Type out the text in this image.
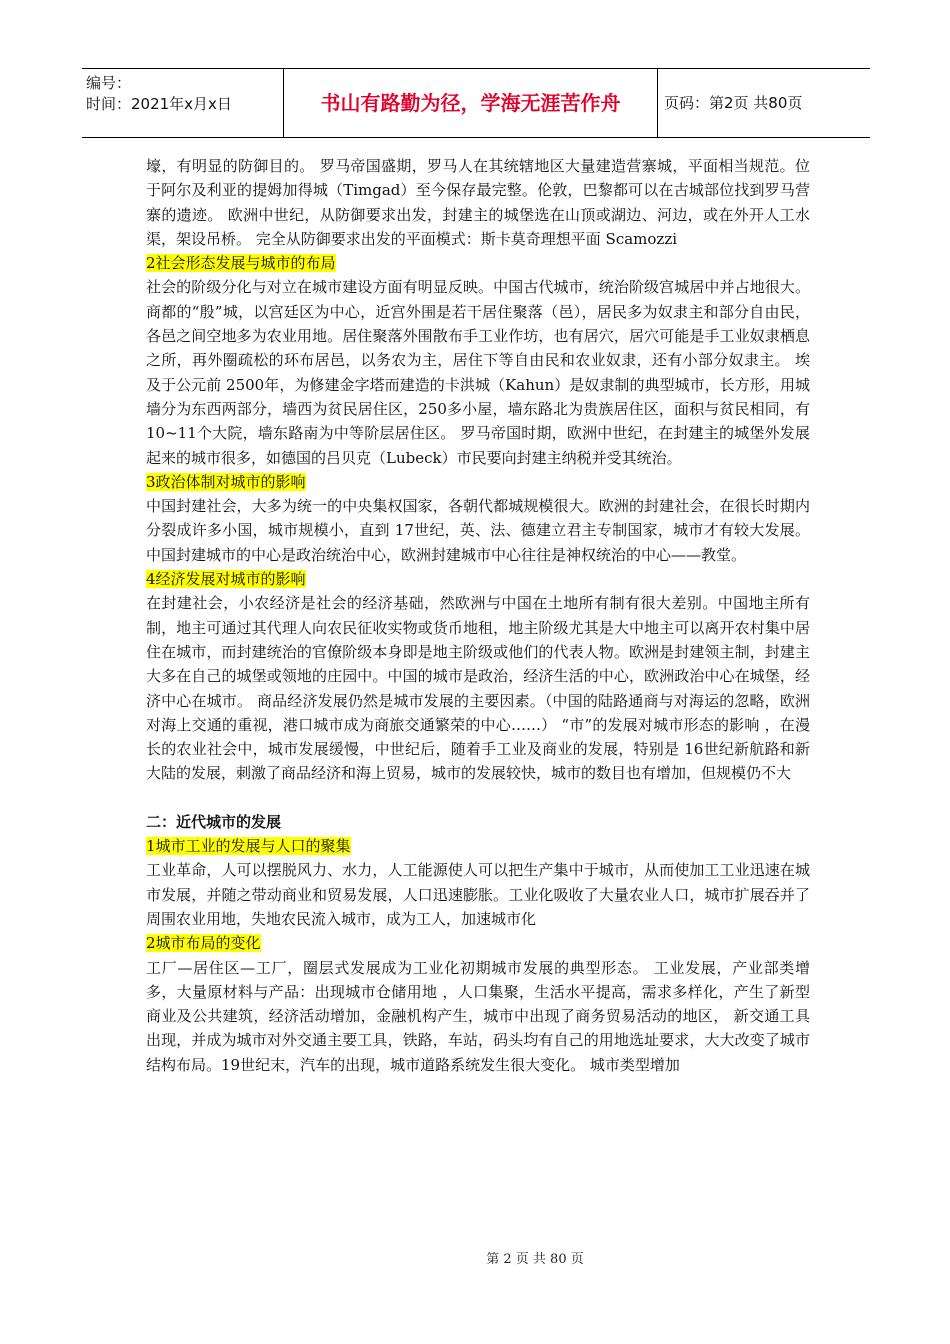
编号：
时间：2021年x月x日	书山有路勤为径，学海无涯苦作舟	页码：第2页 共80页

壕，有明显的防御目的。 罗马帝国盛期，罗马人在其统辖地区大量建造营寨城，平面相当规范。位于阿尔及利亚的提姆加得城（Timgad）至今保存最完整。伦敦，巴黎都可以在古城部位找到罗马营寨的遗迹。 欧洲中世纪，从防御要求出发，封建主的城堡选在山顶或湖边、河边，或在外开人工水渠，架设吊桥。 完全从防御要求出发的平面模式：斯卡莫奇理想平面 Scamozzi

2社会形态发展与城市的布局

社会的阶级分化与对立在城市建设方面有明显反映。中国古代城市，统治阶级宫城居中并占地很大。 商都的“殷”城，以宫廷区为中心，近宫外围是若干居住聚落（邑），居民多为奴隶主和部分自由民，各邑之间空地多为农业用地。居住聚落外围散布手工业作坊，也有居穴，居穴可能是手工业奴隶栖息之所，再外圈疏松的环布居邑，以务农为主，居住下等自由民和农业奴隶，还有小部分奴隶主。 埃及于公元前 2500年，为修建金字塔而建造的卡洪城（Kahun）是奴隶制的典型城市，长方形，用城墙分为东西两部分，墙西为贫民居住区，250多小屋，墙东路北为贵族居住区，面积与贫民相同，有 10~11个大院，墙东路南为中等阶层居住区。 罗马帝国时期，欧洲中世纪，在封建主的城堡外发展起来的城市很多，如德国的吕贝克（Lubeck）市民要向封建主纳税并受其统治。

3政治体制对城市的影响

中国封建社会，大多为统一的中央集权国家，各朝代都城规模很大。欧洲的封建社会，在很长时期内分裂成许多小国，城市规模小，直到 17世纪，英、法、德建立君主专制国家，城市才有较大发展。中国封建城市的中心是政治统治中心，欧洲封建城市中心往往是神权统治的中心——教堂。

4经济发展对城市的影响

在封建社会，小农经济是社会的经济基础，然欧洲与中国在土地所有制有很大差别。中国地主所有制，地主可通过其代理人向农民征收实物或货币地租，地主阶级尤其是大中地主可以离开农村集中居住在城市，而封建统治的官僚阶级本身即是地主阶级或他们的代表人物。欧洲是封建领主制，封建主大多在自己的城堡或领地的庄园中。中国的城市是政治，经济生活的中心，欧洲政治中心在城堡，经济中心在城市。 商品经济发展仍然是城市发展的主要因素。（中国的陆路通商与对海运的忽略，欧洲对海上交通的重视，港口城市成为商旅交通繁荣的中心……） “市”的发展对城市形态的影响 ，在漫长的农业社会中，城市发展缓慢，中世纪后，随着手工业及商业的发展，特别是 16世纪新航路和新大陆的发展，刺激了商品经济和海上贸易，城市的发展较快，城市的数目也有增加，但规模仍不大

二：近代城市的发展

1城市工业的发展与人口的聚集

工业革命，人可以摆脱风力、水力，人工能源使人可以把生产集中于城市，从而使加工工业迅速在城市发展，并随之带动商业和贸易发展，人口迅速膨胀。工业化吸收了大量农业人口，城市扩展吞并了周围农业用地，失地农民流入城市，成为工人，加速城市化

2城市布局的变化

工厂—居住区—工厂，圈层式发展成为工业化初期城市发展的典型形态。 工业发展，产业部类增多，大量原材料与产品：出现城市仓储用地 ，人口集聚，生活水平提高，需求多样化，产生了新型商业及公共建筑，经济活动增加，金融机构产生，城市中出现了商务贸易活动的地区， 新交通工具出现，并成为城市对外交通主要工具，铁路，车站，码头均有自己的用地选址要求，大大改变了城市结构布局。19世纪末，汽车的出现，城市道路系统发生很大变化。 城市类型增加

第 2 页 共 80 页
